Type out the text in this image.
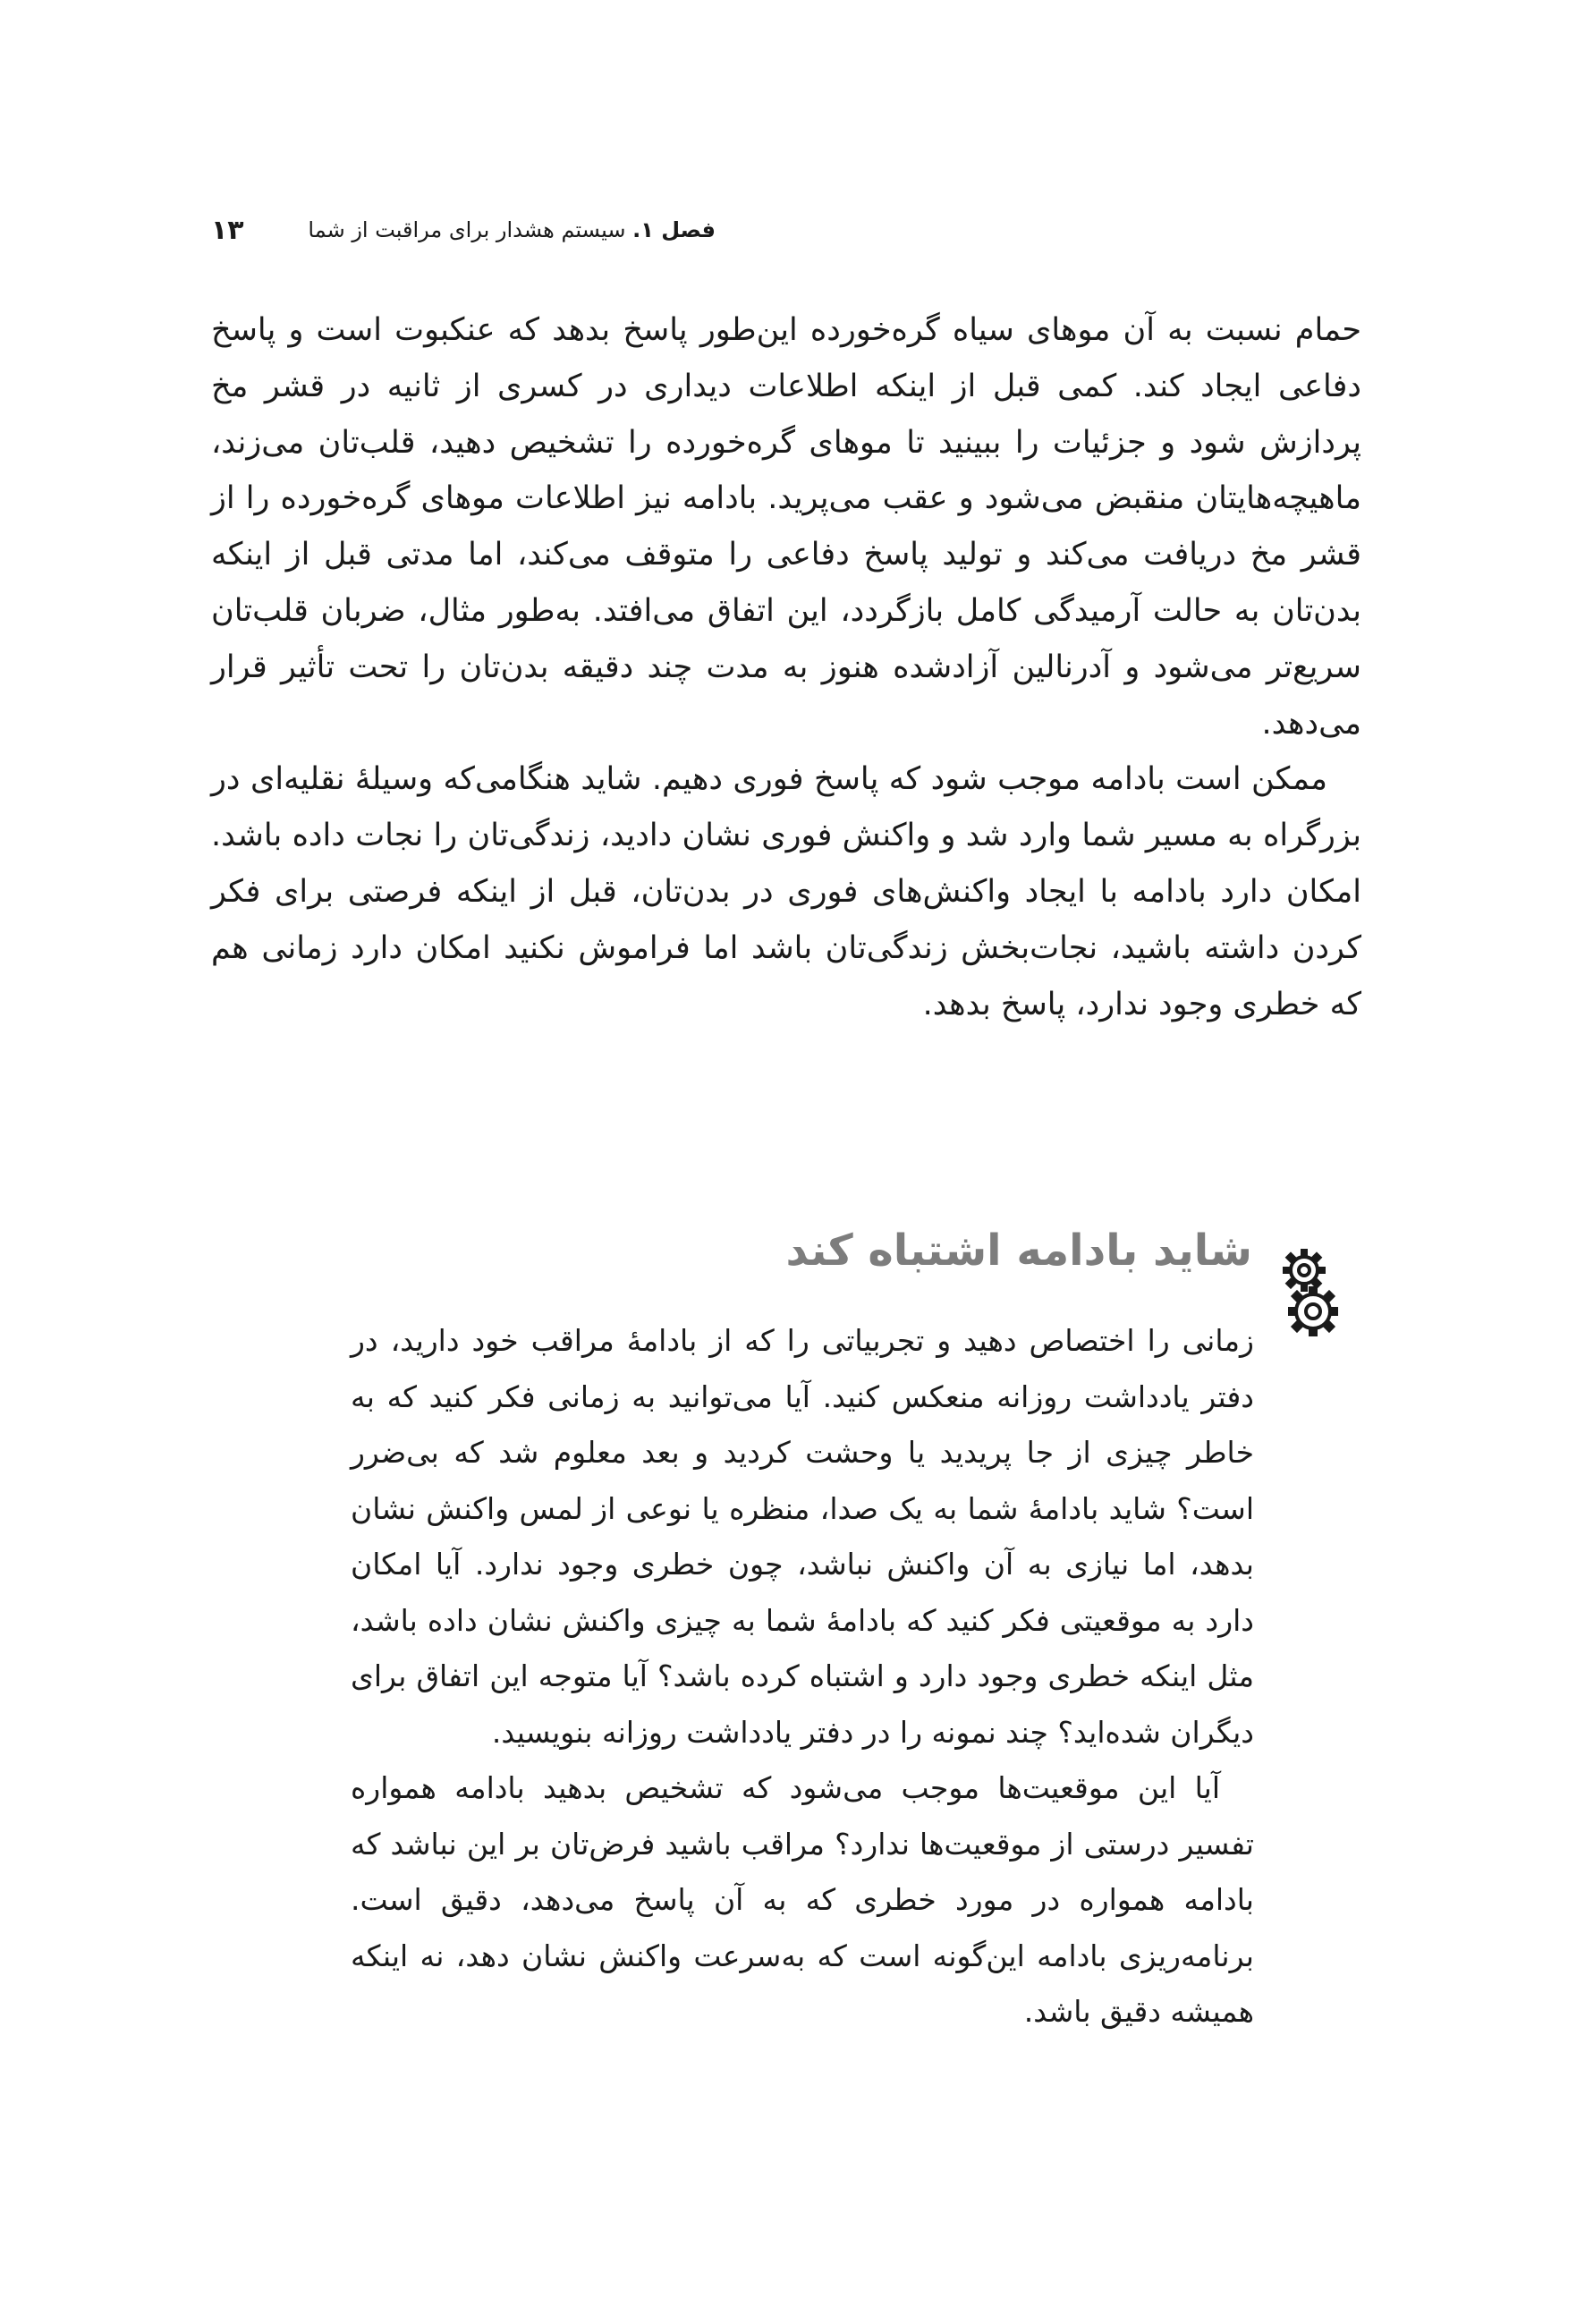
فصل ۱. سیستم هشدار برای مراقبت از شما
۱۳

حمام نسبت به آن موهای سیاه گره‌خورده این‌طور پاسخ بدهد که عنکبوت است و پاسخ دفاعی ایجاد کند. کمی قبل از اینکه اطلاعات دیداری در کسری از ثانیه در قشر مخ پردازش شود و جزئیات را ببینید تا موهای گره‌خورده را تشخیص دهید، قلب‌تان می‌زند، ماهیچه‌هایتان منقبض می‌شود و عقب می‌پرید. بادامه نیز اطلاعات موهای گره‌خورده را از قشر مخ دریافت می‌کند و تولید پاسخ دفاعی را متوقف می‌کند، اما مدتی قبل از اینکه بدن‌تان به حالت آرمیدگی کامل بازگردد، این اتفاق می‌افتد. به‌طور مثال، ضربان قلب‌تان سریع‌تر می‌شود و آدرنالین آزادشده هنوز به مدت چند دقیقه بدن‌تان را تحت تأثیر قرار می‌دهد.

ممکن است بادامه موجب شود که پاسخ فوری دهیم. شاید هنگامی‌که وسیلهٔ نقلیه‌ای در بزرگراه به مسیر شما وارد شد و واکنش فوری نشان دادید، زندگی‌تان را نجات داده باشد. امکان دارد بادامه با ایجاد واکنش‌های فوری در بدن‌تان، قبل از اینکه فرصتی برای فکر کردن داشته باشید، نجات‌بخش زندگی‌تان باشد اما فراموش نکنید امکان دارد زمانی هم که خطری وجود ندارد، پاسخ بدهد.

شاید بادامه اشتباه کند

زمانی را اختصاص دهید و تجربیاتی را که از بادامهٔ مراقب خود دارید، در دفتر یادداشت روزانه منعکس کنید. آیا می‌توانید به زمانی فکر کنید که به خاطر چیزی از جا پریدید یا وحشت کردید و بعد معلوم شد که بی‌ضرر است؟ شاید بادامهٔ شما به یک صدا، منظره یا نوعی از لمس واکنش نشان بدهد، اما نیازی به آن واکنش نباشد، چون خطری وجود ندارد. آیا امکان دارد به موقعیتی فکر کنید که بادامهٔ شما به چیزی واکنش نشان داده باشد، مثل اینکه خطری وجود دارد و اشتباه کرده باشد؟ آیا متوجه این اتفاق برای دیگران شده‌اید؟ چند نمونه را در دفتر یادداشت روزانه بنویسید.

آیا این موقعیت‌ها موجب می‌شود که تشخیص بدهید بادامه همواره تفسیر درستی از موقعیت‌ها ندارد؟ مراقب باشید فرض‌تان بر این نباشد که بادامه همواره در مورد خطری که به آن پاسخ می‌دهد، دقیق است. برنامه‌ریزی بادامه این‌گونه است که به‌سرعت واکنش نشان دهد، نه اینکه همیشه دقیق باشد.
